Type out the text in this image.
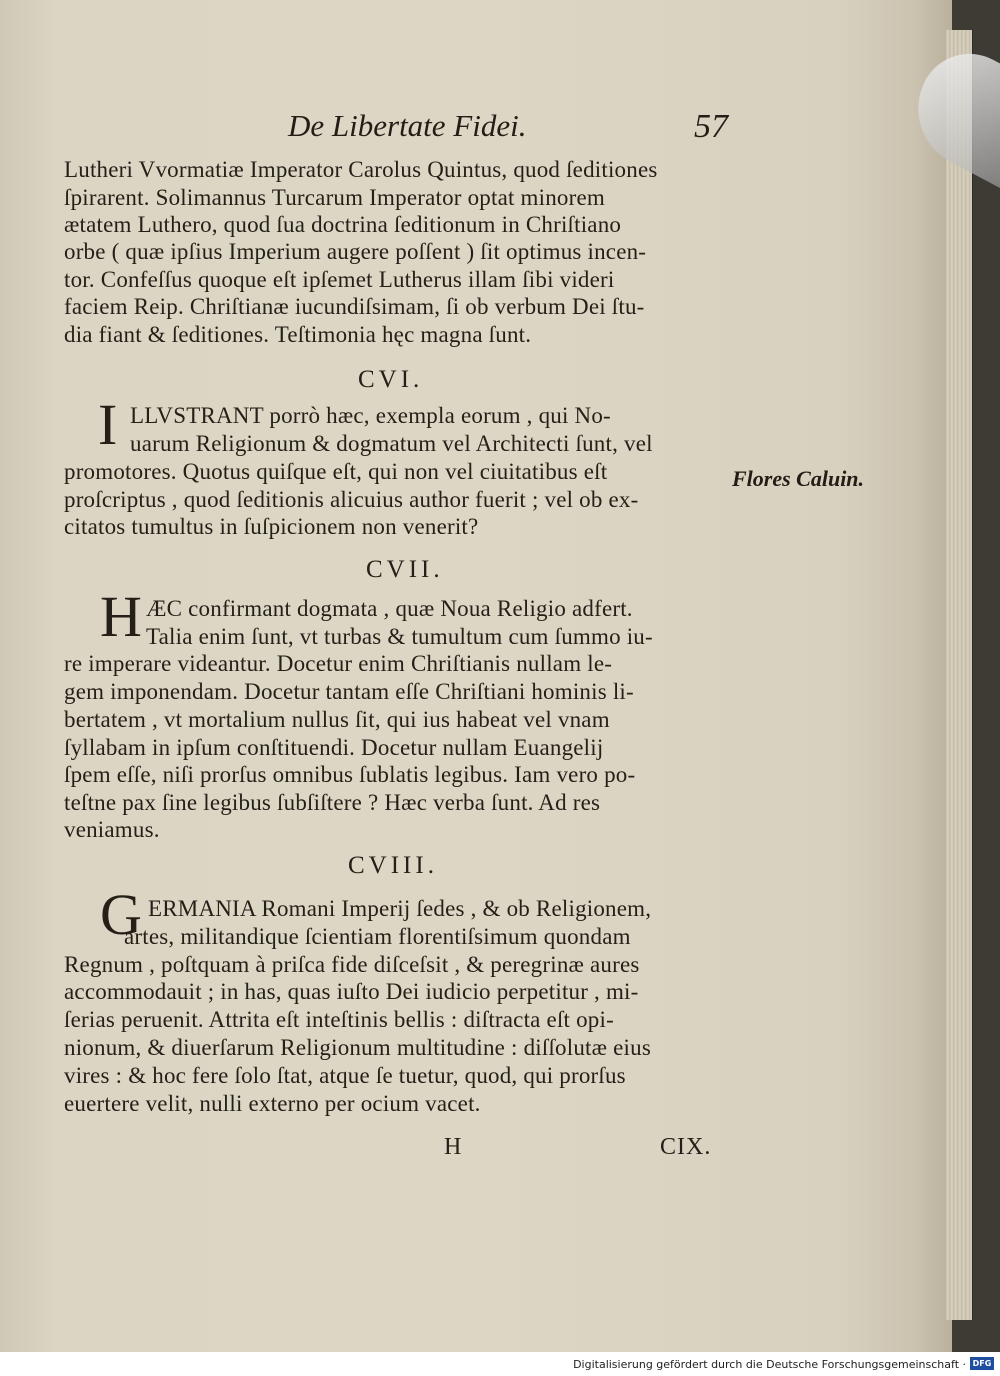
De Libertate Fidei.	57
Lutheri Vvormatiæ Imperator Carolus Quintus, quod ſeditiones
ſpirarent. Solimannus Turcarum Imperator optat minorem
ætatem Luthero, quod ſua doctrina ſeditionum in Chriſtiano
orbe ( quæ ipſius Imperium augere poſſent ) ſit optimus incen-
tor. Confeſſus quoque eſt ipſemet Lutherus illam ſibi videri
faciem Reip. Chriſtianæ iucundiſsimam, ſi ob verbum Dei ſtu-
dia fiant & ſeditiones. Teſtimonia hęc magna ſunt.
CVI.
I LLVSTRANT porrò hæc, exempla eorum , qui No-
uarum Religionum & dogmatum vel Architecti ſunt, vel
promotores. Quotus quiſque eſt, qui non vel ciuitatibus eſt
proſcriptus , quod ſeditionis alicuius author fuerit ; vel ob ex-
citatos tumultus in ſuſpicionem non venerit?
Flores Caluin.
CVII.
H ÆC confirmant dogmata , quæ Noua Religio adfert.
Talia enim ſunt, vt turbas & tumultum cum ſummo iu-
re imperare videantur. Docetur enim Chriſtianis nullam le-
gem imponendam. Docetur tantam eſſe Chriſtiani hominis li-
bertatem , vt mortalium nullus ſit, qui ius habeat vel vnam
ſyllabam in ipſum conſtituendi. Docetur nullam Euangelij
ſpem eſſe, niſi prorſus omnibus ſublatis legibus. Iam vero po-
teſtne pax ſine legibus ſubſiſtere ? Hæc verba ſunt. Ad res
veniamus.
CVIII.
G ERMANIA Romani Imperij ſedes , & ob Religionem,
artes, militandique ſcientiam florentiſsimum quondam
Regnum , poſtquam à priſca fide diſceſsit , & peregrinæ aures
accommodauit ; in has, quas iuſto Dei iudicio perpetitur , mi-
ſerias peruenit. Attrita eſt inteſtinis bellis : diſtracta eſt opi-
nionum, & diuerſarum Religionum multitudine : diſſolutæ eius
vires : & hoc fere ſolo ſtat, atque ſe tuetur, quod, qui prorſus
euertere velit, nulli externo per ocium vacet.
H	CIX.
Digitalisierung gefördert durch die Deutsche Forschungsgemeinschaft · DFG
